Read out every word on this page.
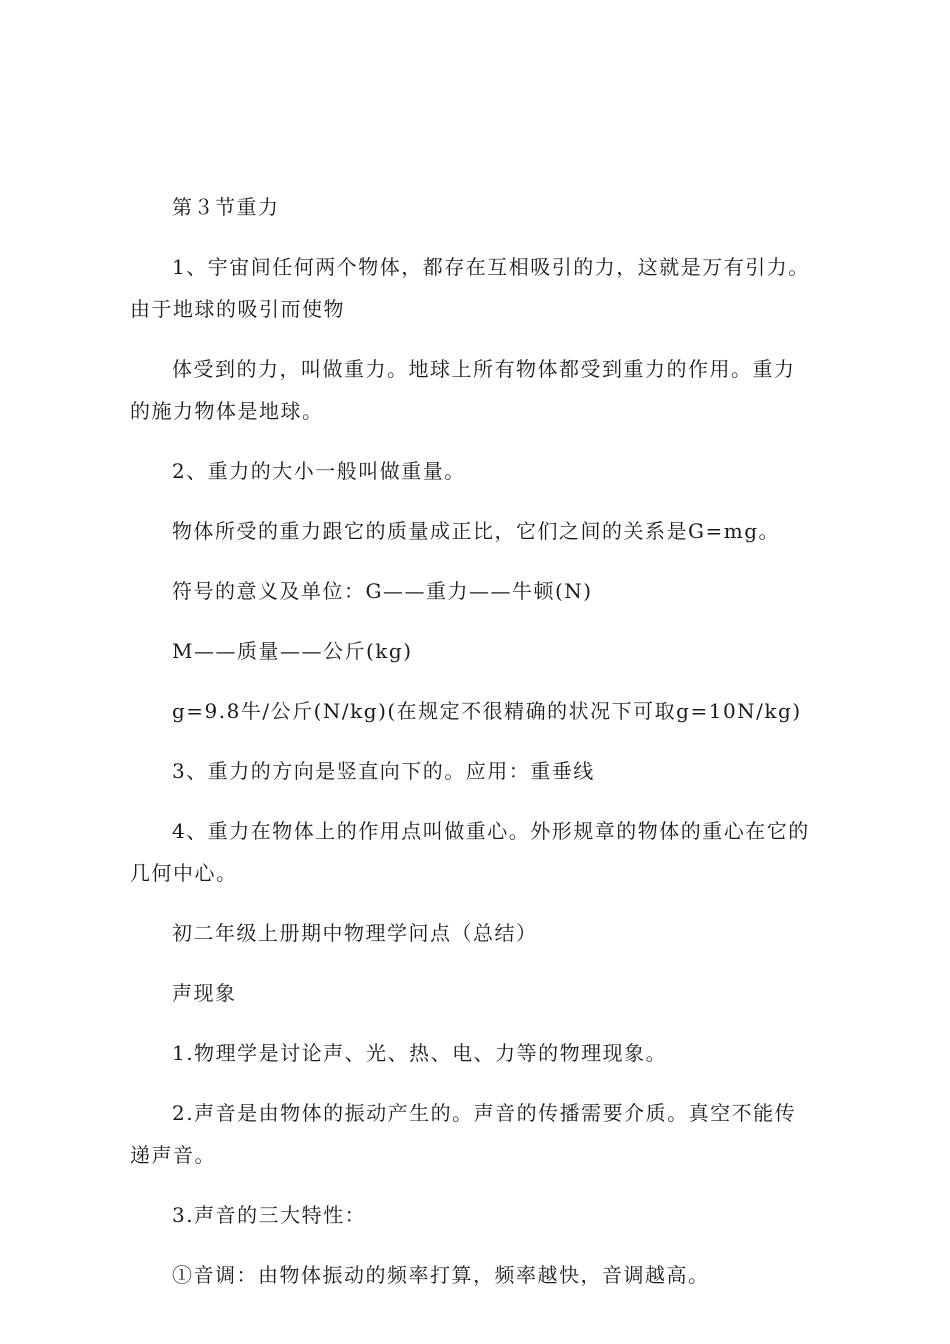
第３节重力

1、宇宙间任何两个物体，都存在互相吸引的力，这就是万有引力。
由于地球的吸引而使物

体受到的力，叫做重力。地球上所有物体都受到重力的作用。重力
的施力物体是地球。

2、重力的大小一般叫做重量。

物体所受的重力跟它的质量成正比，它们之间的关系是G=mg。

符号的意义及单位：G——重力——牛顿(N)

M——质量——公斤(kg)

g=9.8牛/公斤(N/kg)(在规定不很精确的状况下可取g=10N/kg)

3、重力的方向是竖直向下的。应用：重垂线

4、重力在物体上的作用点叫做重心。外形规章的物体的重心在它的
几何中心。

初二年级上册期中物理学问点（总结）

声现象

1.物理学是讨论声、光、热、电、力等的物理现象。

2.声音是由物体的振动产生的。声音的传播需要介质。真空不能传
递声音。

3.声音的三大特性：

①音调：由物体振动的频率打算，频率越快，音调越高。
